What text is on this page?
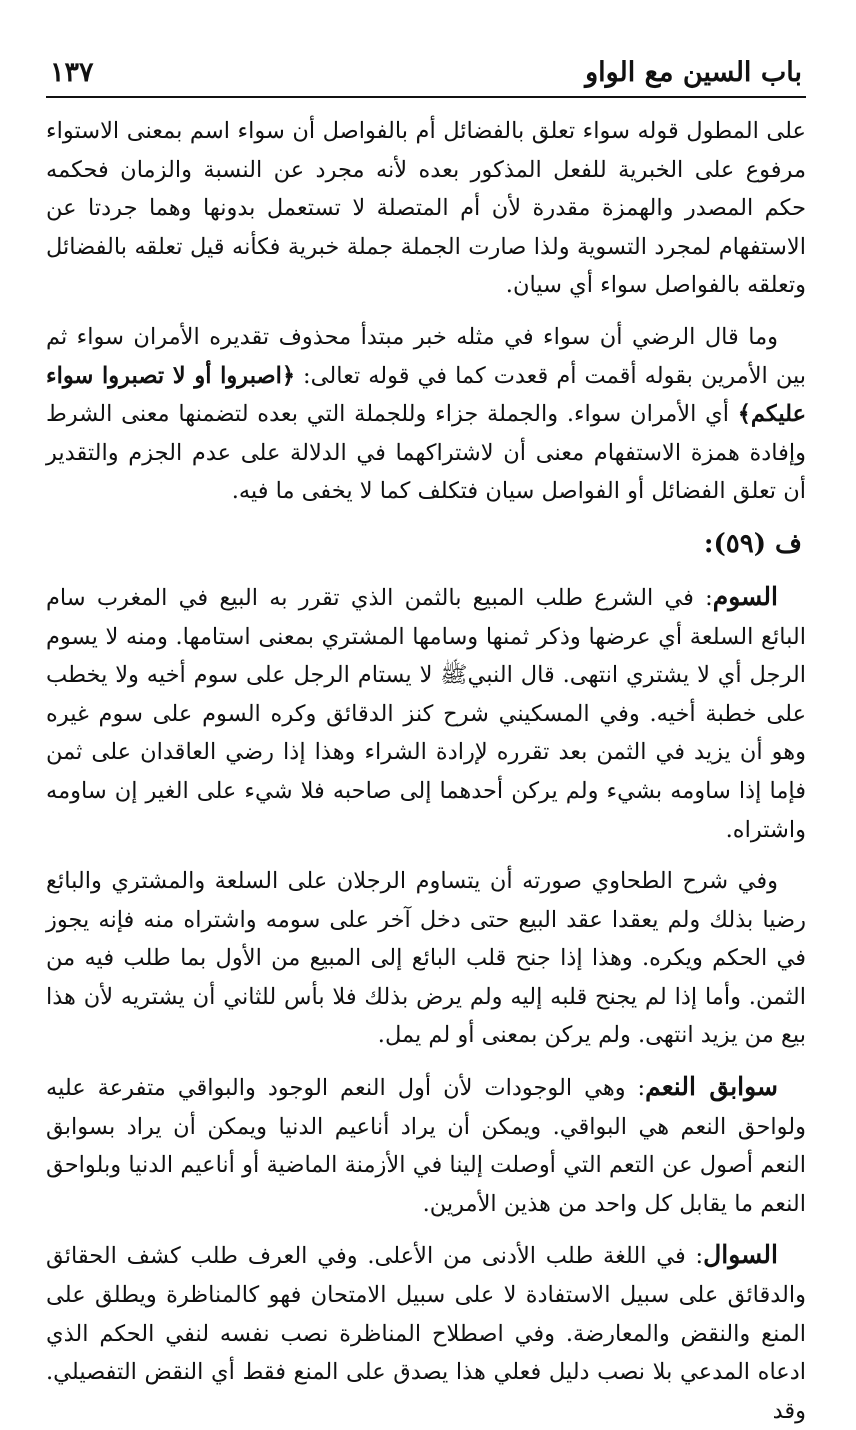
باب السين مع الواو
١٣٧

على المطول قوله سواء تعلق بالفضائل أم بالفواصل أن سواء اسم بمعنى الاستواء مرفوع على الخبرية للفعل المذكور بعده لأنه مجرد عن النسبة والزمان فحكمه حكم المصدر والهمزة مقدرة لأن أم المتصلة لا تستعمل بدونها وهما جردتا عن الاستفهام لمجرد التسوية ولذا صارت الجملة جملة خبرية فكأنه قيل تعلقه بالفضائل وتعلقه بالفواصل سواء أي سيان.

وما قال الرضي أن سواء في مثله خبر مبتدأ محذوف تقديره الأمران سواء ثم بين الأمرين بقوله أقمت أم قعدت كما في قوله تعالى: ﴿اصبروا أو لا تصبروا سواء عليكم﴾ أي الأمران سواء. والجملة جزاء وللجملة التي بعده لتضمنها معنى الشرط وإفادة همزة الاستفهام معنى أن لاشتراكهما في الدلالة على عدم الجزم والتقدير أن تعلق الفضائل أو الفواصل سيان فتكلف كما لا يخفى ما فيه.

ف (٥٩):

السوم: في الشرع طلب المبيع بالثمن الذي تقرر به البيع في المغرب سام البائع السلعة أي عرضها وذكر ثمنها وسامها المشتري بمعنى استامها. ومنه لا يسوم الرجل أي لا يشتري انتهى. قال النبيﷺ لا يستام الرجل على سوم أخيه ولا يخطب على خطبة أخيه. وفي المسكيني شرح كنز الدقائق وكره السوم على سوم غيره وهو أن يزيد في الثمن بعد تقرره لإرادة الشراء وهذا إذا رضي العاقدان على ثمن فإما إذا ساومه بشيء ولم يركن أحدهما إلى صاحبه فلا شيء على الغير إن ساومه واشتراه.

وفي شرح الطحاوي صورته أن يتساوم الرجلان على السلعة والمشتري والبائع رضيا بذلك ولم يعقدا عقد البيع حتى دخل آخر على سومه واشتراه منه فإنه يجوز في الحكم ويكره. وهذا إذا جنح قلب البائع إلى المبيع من الأول بما طلب فيه من الثمن. وأما إذا لم يجنح قلبه إليه ولم يرض بذلك فلا بأس للثاني أن يشتريه لأن هذا بيع من يزيد انتهى. ولم يركن بمعنى أو لم يمل.

سوابق النعم: وهي الوجودات لأن أول النعم الوجود والبواقي متفرعة عليه ولواحق النعم هي البواقي. ويمكن أن يراد أناعيم الدنيا ويمكن أن يراد بسوابق النعم أصول عن التعم التي أوصلت إلينا في الأزمنة الماضية أو أناعيم الدنيا وبلواحق النعم ما يقابل كل واحد من هذين الأمرين.

السوال: في اللغة طلب الأدنى من الأعلى. وفي العرف طلب كشف الحقائق والدقائق على سبيل الاستفادة لا على سبيل الامتحان فهو كالمناظرة ويطلق على المنع والنقض والمعارضة. وفي اصطلاح المناظرة نصب نفسه لنفي الحكم الذي ادعاه المدعي بلا نصب دليل فعلي هذا يصدق على المنع فقط أي النقض التفصيلي. وقد
